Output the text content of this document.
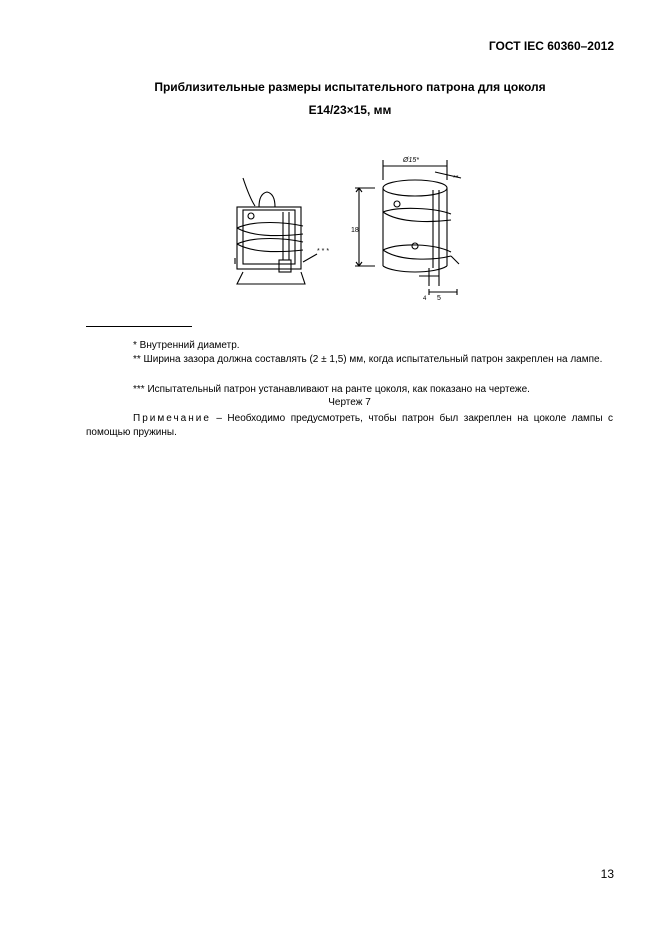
ГОСТ IEC 60360–2012
Приблизительные размеры испытательного патрона для цоколя
E14/23×15, мм
* * *
Ø15*
**
18
5
4
* Внутренний диаметр.
** Ширина зазора должна составлять (2 ± 1,5) мм, когда испытательный патрон закреплен на лампе.
*** Испытательный патрон устанавливают на ранте цоколя, как показано на чертеже.
Чертеж 7
Примечание – Необходимо предусмотреть, чтобы патрон был закреплен на цоколе лампы с помощью пружины.
13
